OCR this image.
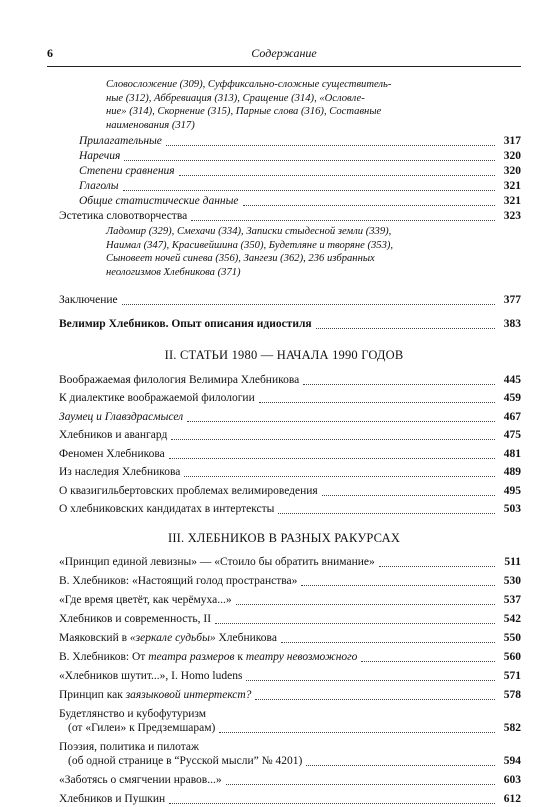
6	Содержание
Словосложение (309), Суффиксально-сложные существитель-
ные (312), Аббревиация (313), Сращение (314), «Ословле-
ние» (314), Скорнение (315), Парные слова (316), Составные
наименования (317)
Прилагательные	317
Наречия	320
Степени сравнения	320
Глаголы	321
Общие статистические данные	321
Эстетика словотворчества	323
Ладомир (329), Смехачи (334), Записки стыдесной земли (339),
Наимал (347), Красивейшина (350), Будетляне и творяне (353),
Сыновеет ночей синева (356), Зангези (362), 236 избранных
неологизмов Хлебникова (371)
Заключение	377
Велимир Хлебников. Опыт описания идиостиля	383
II. СТАТЬИ 1980 — НАЧАЛА 1990 ГОДОВ
Воображаемая филология Велимира Хлебникова	445
К диалектике воображаемой филологии	459
Заумец и Главздрасмысел	467
Хлебников и авангард	475
Феномен Хлебникова	481
Из наследия Хлебникова	489
О квазигильбертовских проблемах велимироведения	495
О хлебниковских кандидатах в интертексты	503
III. ХЛЕБНИКОВ В РАЗНЫХ РАКУРСАХ
«Принцип единой левизны» — «Стоило бы обратить внимание»	511
В. Хлебников: «Настоящий голод пространства»	530
«Где время цветёт, как черёмуха...»	537
Хлебников и современность, II	542
Маяковский в «зеркале судьбы» Хлебникова	550
В. Хлебников: От театра размеров к театру невозможного	560
«Хлебников шутит...», I. Homo ludens	571
Принцип как заязыковой интертекст?	578
Будетлянство и кубофутуризм
(от «Гилеи» к Предземшарам)	582
Поэзия, политика и пилотаж
(об одной странице в “Русской мысли” № 4201)	594
«Заботясь о смягчении нравов...»	603
Хлебников и Пушкин	612
